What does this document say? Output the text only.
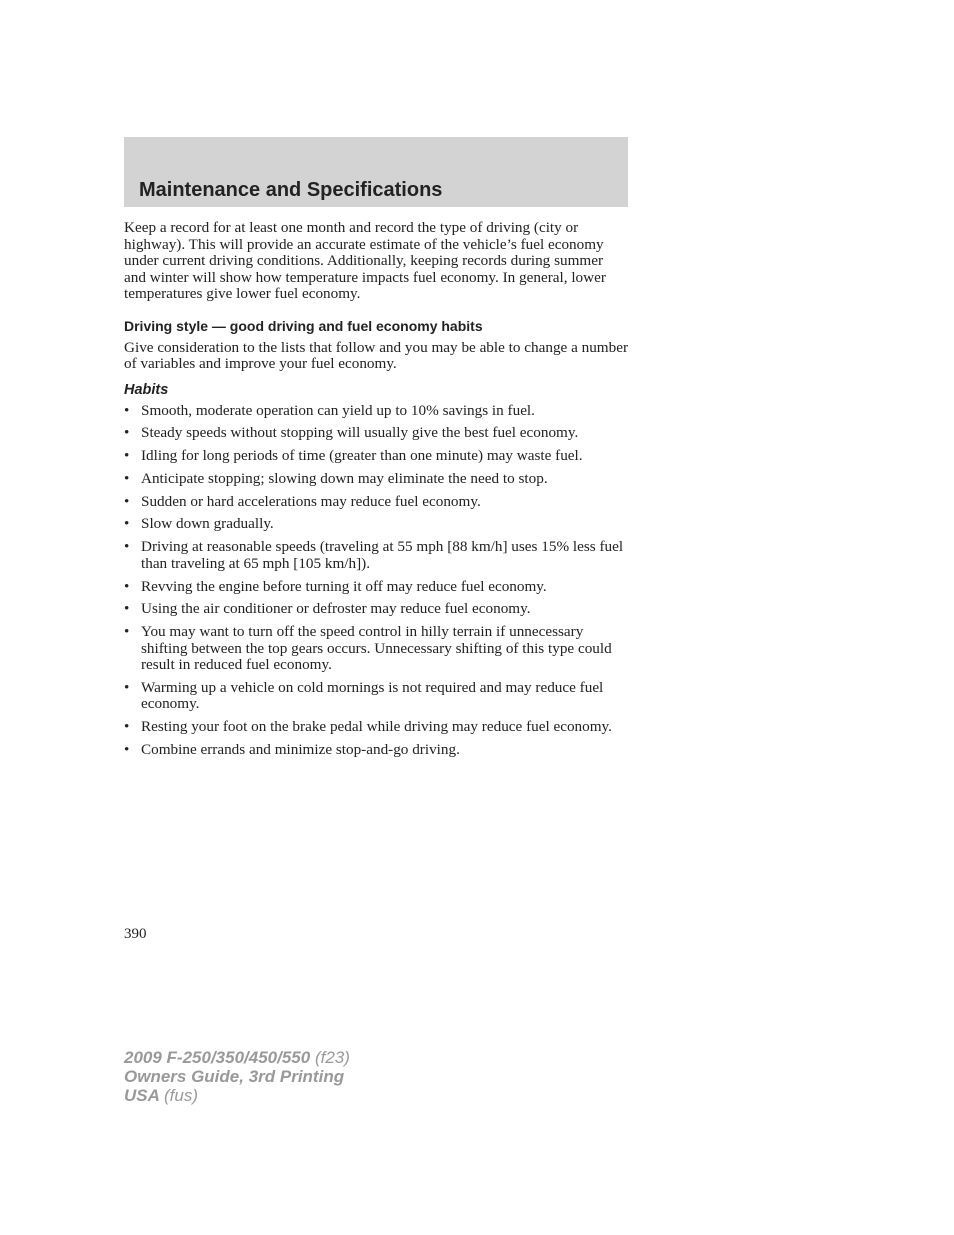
Maintenance and Specifications

Keep a record for at least one month and record the type of driving (city or highway). This will provide an accurate estimate of the vehicle’s fuel economy under current driving conditions. Additionally, keeping records during summer and winter will show how temperature impacts fuel economy. In general, lower temperatures give lower fuel economy.

Driving style — good driving and fuel economy habits

Give consideration to the lists that follow and you may be able to change a number of variables and improve your fuel economy.

Habits
• Smooth, moderate operation can yield up to 10% savings in fuel.
• Steady speeds without stopping will usually give the best fuel economy.
• Idling for long periods of time (greater than one minute) may waste fuel.
• Anticipate stopping; slowing down may eliminate the need to stop.
• Sudden or hard accelerations may reduce fuel economy.
• Slow down gradually.
• Driving at reasonable speeds (traveling at 55 mph [88 km/h] uses 15% less fuel than traveling at 65 mph [105 km/h]).
• Revving the engine before turning it off may reduce fuel economy.
• Using the air conditioner or defroster may reduce fuel economy.
• You may want to turn off the speed control in hilly terrain if unnecessary shifting between the top gears occurs. Unnecessary shifting of this type could result in reduced fuel economy.
• Warming up a vehicle on cold mornings is not required and may reduce fuel economy.
• Resting your foot on the brake pedal while driving may reduce fuel economy.
• Combine errands and minimize stop-and-go driving.
390
2009 F-250/350/450/550 (f23)
Owners Guide, 3rd Printing
USA (fus)
